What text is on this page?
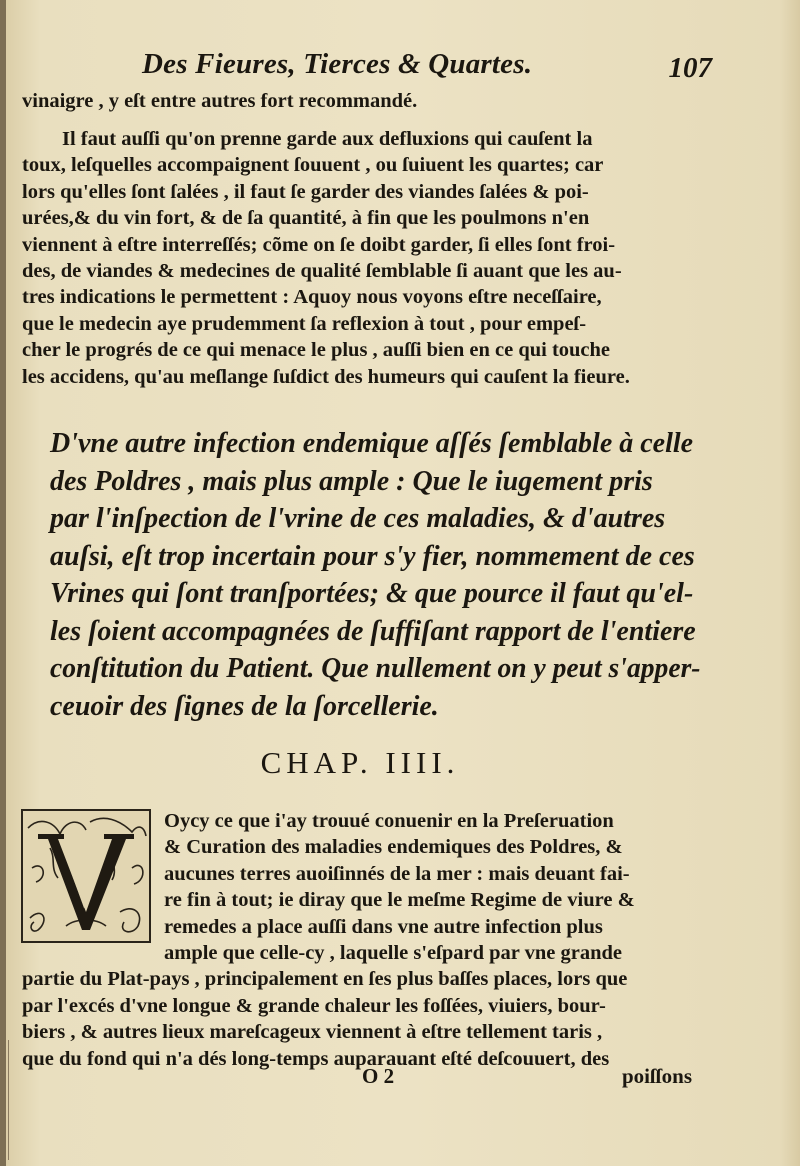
Des Fieures, Tierces & Quartes.	107
vinaigre , y eſt entre autres fort recommandé.
Il faut auſſi qu'on prenne garde aux defluxions qui cauſent la
toux, leſquelles accompaignent ſouuent , ou ſuiuent les quartes; car
lors qu'elles ſont ſalées , il faut ſe garder des viandes ſalées & poi-
urées,& du vin fort, & de ſa quantité, à fin que les poulmons n'en
viennent à eſtre interreſſés; cõme on ſe doibt garder, ſi elles ſont froi-
des, de viandes & medecines de qualité ſemblable ſi auant que les au-
tres indications le permettent : Aquoy nous voyons eſtre neceſſaire,
que le medecin aye prudemment ſa reflexion à tout , pour empeſ-
cher le progrés de ce qui menace le plus , auſſi bien en ce qui touche
les accidens, qu'au meſlange ſuſdict des humeurs qui cauſent la fieure.
D'vne autre infection endemique aſſés ſemblable à celle
des Poldres , mais plus ample : Que le iugement pris
par l'inſpection de l'vrine de ces maladies, & d'autres
auſsi, eſt trop incertain pour s'y fier, nommement de ces
Vrines qui ſont tranſportées; & que pource il faut qu'el-
les ſoient accompagnées de ſuffiſant rapport de l'entiere
conſtitution du Patient. Que nullement on y peut s'apper-
ceuoir des ſignes de la ſorcellerie.
CHAP. IIII.
Oycy ce que i'ay trouué conuenir en la Preſeruation
& Curation des maladies endemiques des Poldres, &
aucunes terres auoiſinnés de la mer : mais deuant fai-
re fin à tout; ie diray que le meſme Regime de viure &
remedes a place auſſi dans vne autre infection plus
ample que celle-cy , laquelle s'eſpard par vne grande
partie du Plat-pays , principalement en ſes plus baſſes places, lors que
par l'excés d'vne longue & grande chaleur les foſſées, viuiers, bour-
biers , & autres lieux mareſcageux viennent à eſtre tellement taris ,
que du fond qui n'a dés long-temps auparauant eſté deſcouuert, des
O 2	poiſſons
